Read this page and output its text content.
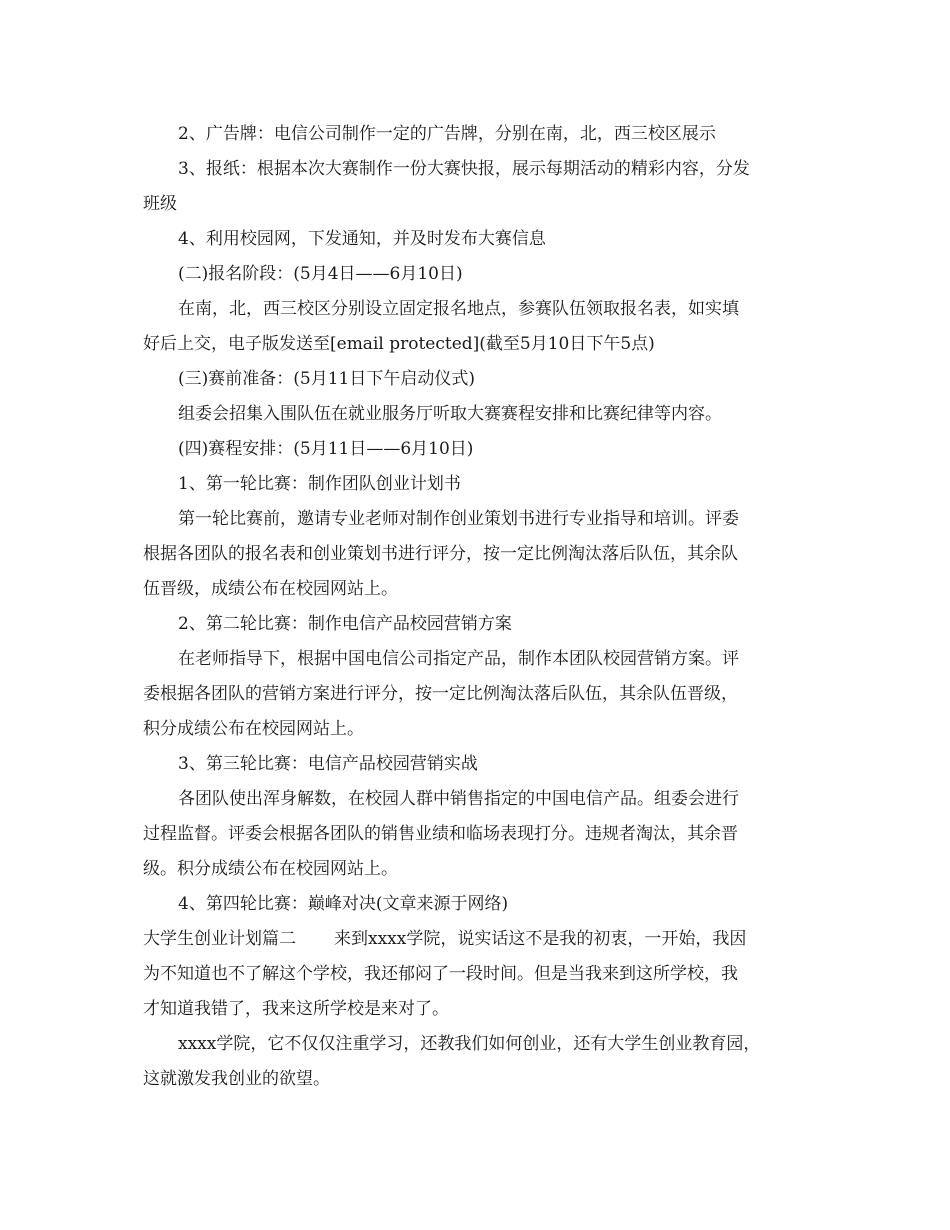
2、广告牌：电信公司制作一定的广告牌，分别在南，北，西三校区展示
3、报纸：根据本次大赛制作一份大赛快报，展示每期活动的精彩内容，分发
班级
4、利用校园网，下发通知，并及时发布大赛信息
(二)报名阶段：(5月4日——6月10日)
在南，北，西三校区分别设立固定报名地点，参赛队伍领取报名表，如实填
好后上交，电子版发送至[email protected](截至5月10日下午5点)
(三)赛前准备：(5月11日下午启动仪式)
组委会招集入围队伍在就业服务厅听取大赛赛程安排和比赛纪律等内容。
(四)赛程安排：(5月11日——6月10日)
1、第一轮比赛：制作团队创业计划书
第一轮比赛前，邀请专业老师对制作创业策划书进行专业指导和培训。评委
根据各团队的报名表和创业策划书进行评分，按一定比例淘汰落后队伍，其余队
伍晋级，成绩公布在校园网站上。
2、第二轮比赛：制作电信产品校园营销方案
在老师指导下，根据中国电信公司指定产品，制作本团队校园营销方案。评
委根据各团队的营销方案进行评分，按一定比例淘汰落后队伍，其余队伍晋级，
积分成绩公布在校园网站上。
3、第三轮比赛：电信产品校园营销实战
各团队使出浑身解数，在校园人群中销售指定的中国电信产品。组委会进行
过程监督。评委会根据各团队的销售业绩和临场表现打分。违规者淘汰，其余晋
级。积分成绩公布在校园网站上。
4、第四轮比赛：巅峰对决(文章来源于网络)
大学生创业计划篇二 来到xxxx学院，说实话这不是我的初衷，一开始，我因
为不知道也不了解这个学校，我还郁闷了一段时间。但是当我来到这所学校，我
才知道我错了，我来这所学校是来对了。
xxxx学院，它不仅仅注重学习，还教我们如何创业，还有大学生创业教育园，
这就激发我创业的欲望。
